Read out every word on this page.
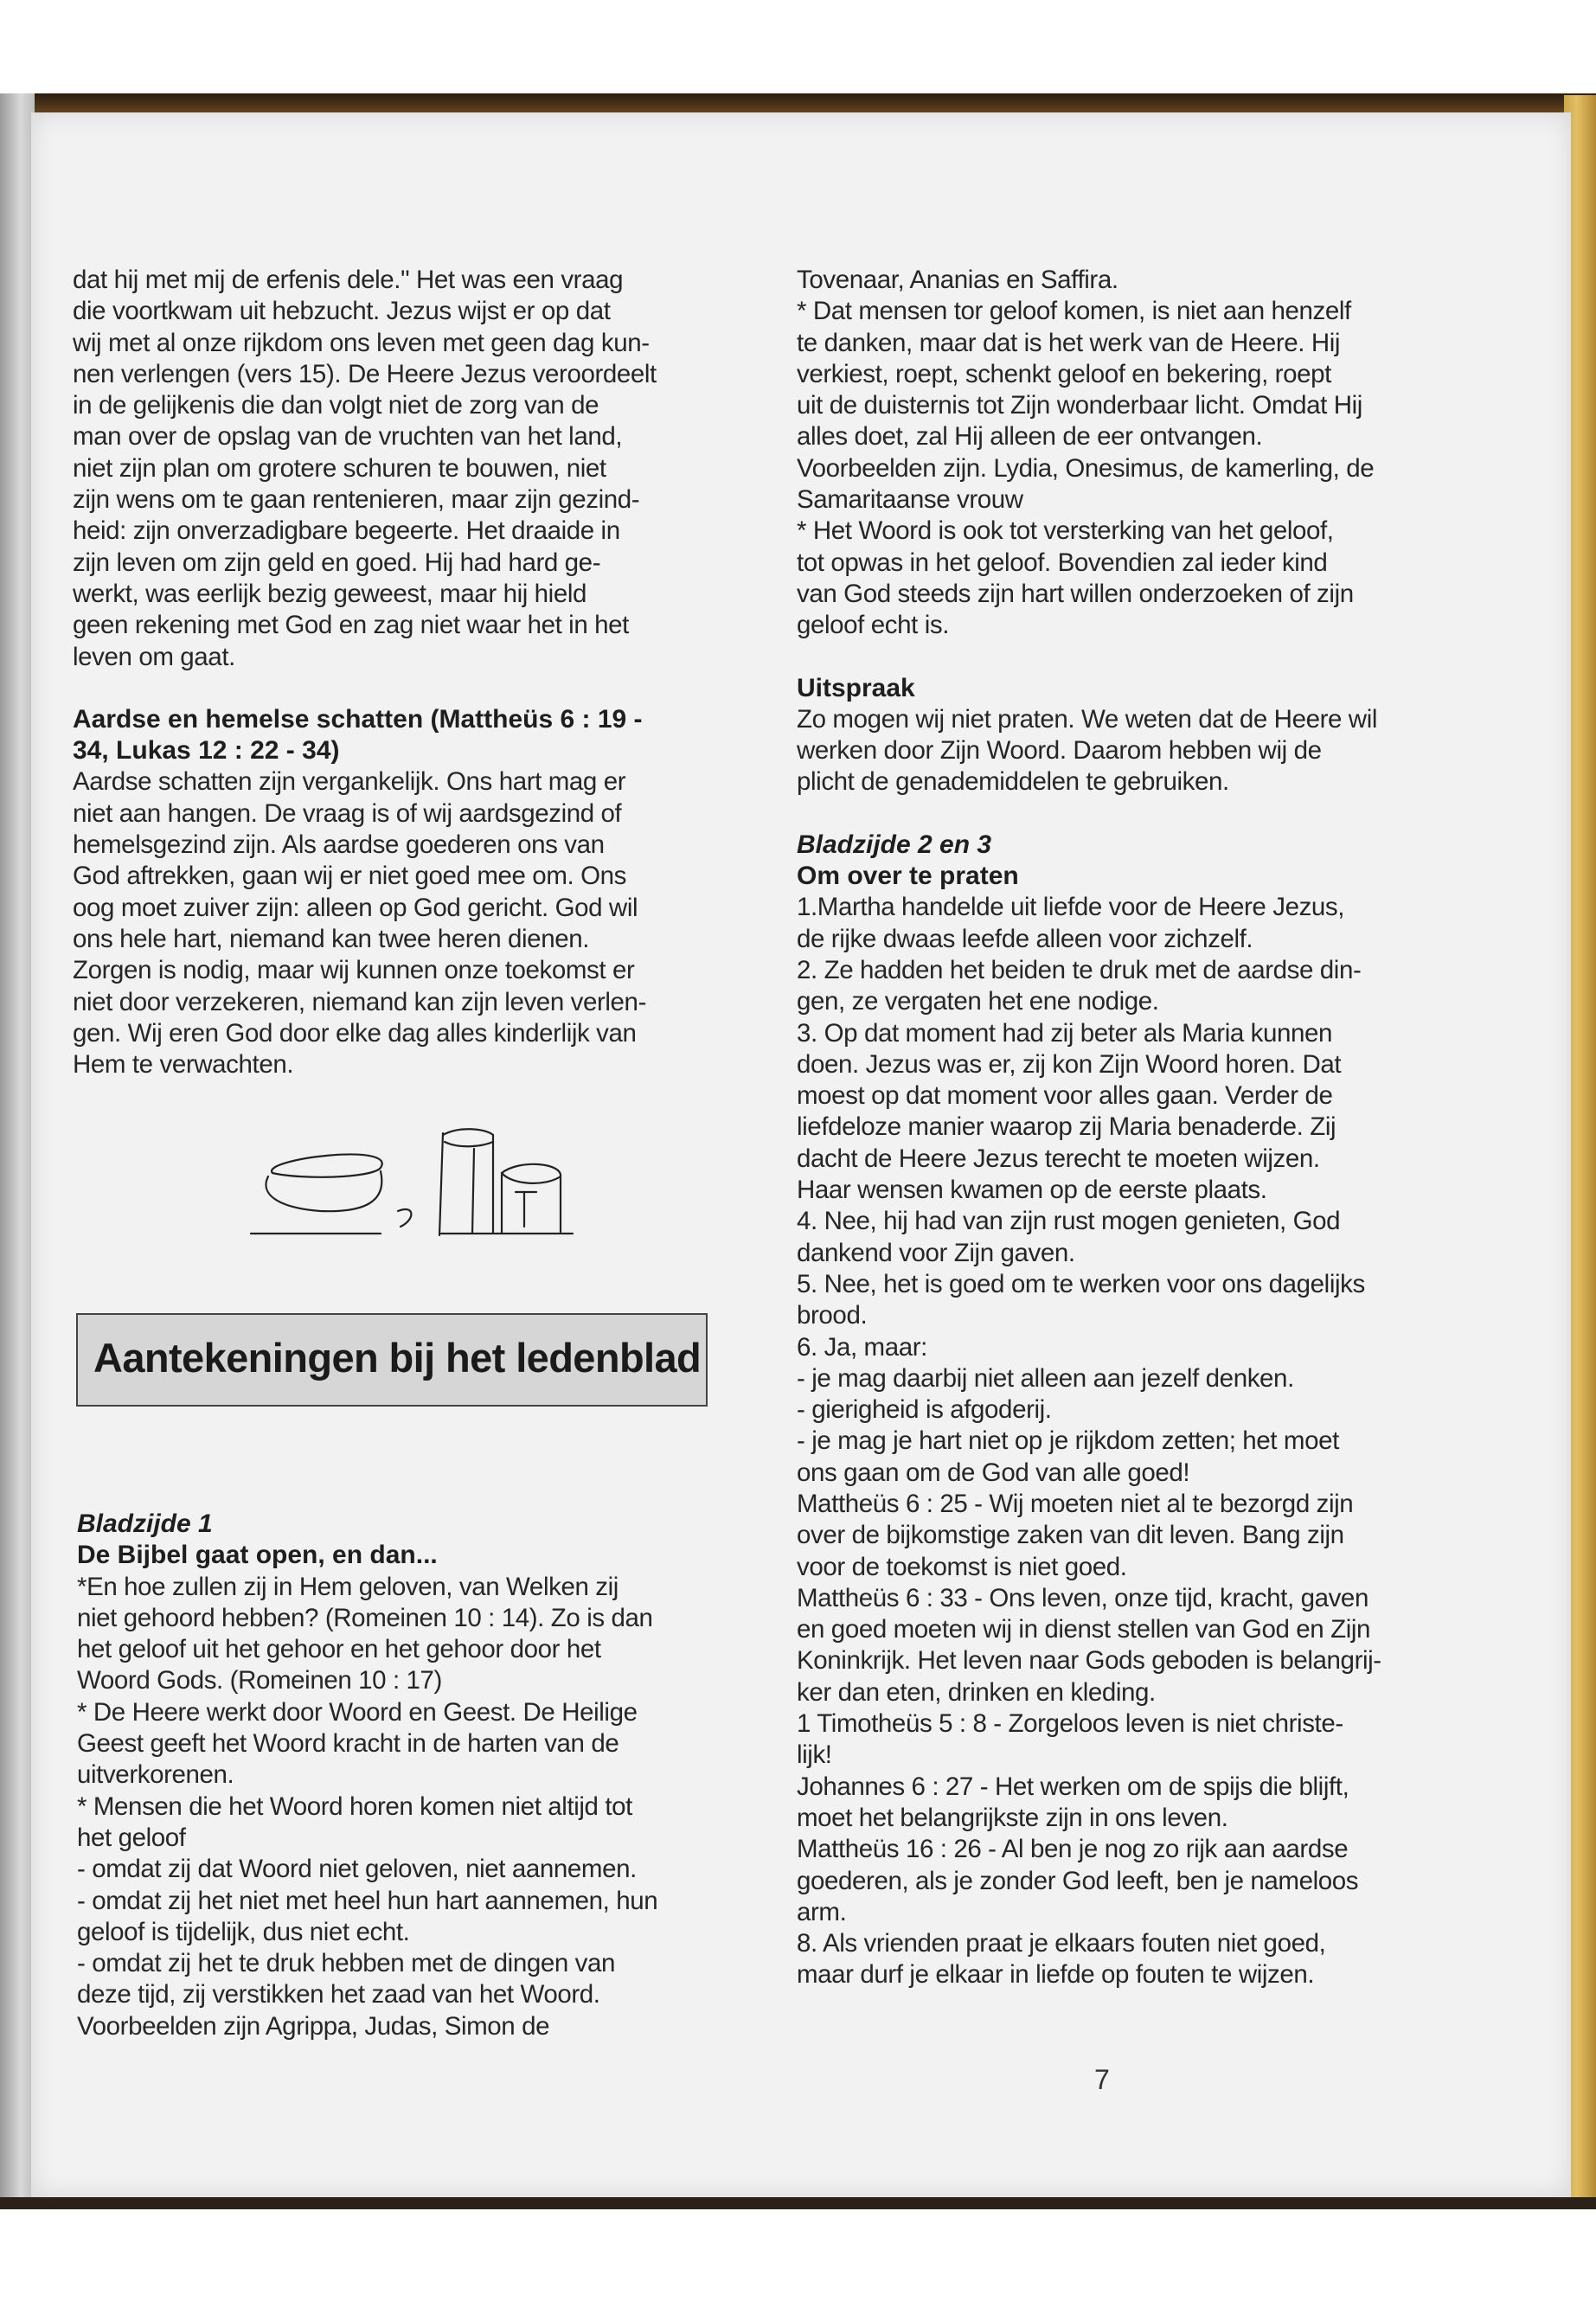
dat hij met mij de erfenis dele." Het was een vraag
die voortkwam uit hebzucht. Jezus wijst er op dat
wij met al onze rijkdom ons leven met geen dag kun-
nen verlengen (vers 15). De Heere Jezus veroordeelt
in de gelijkenis die dan volgt niet de zorg van de
man over de opslag van de vruchten van het land,
niet zijn plan om grotere schuren te bouwen, niet
zijn wens om te gaan rentenieren, maar zijn gezind-
heid: zijn onverzadigbare begeerte. Het draaide in
zijn leven om zijn geld en goed. Hij had hard ge-
werkt, was eerlijk bezig geweest, maar hij hield
geen rekening met God en zag niet waar het in het
leven om gaat.

Aardse en hemelse schatten (Mattheüs 6 : 19 -
34, Lukas 12 : 22 - 34)

Aardse schatten zijn vergankelijk. Ons hart mag er
niet aan hangen. De vraag is of wij aardsgezind of
hemelsgezind zijn. Als aardse goederen ons van
God aftrekken, gaan wij er niet goed mee om. Ons
oog moet zuiver zijn: alleen op God gericht. God wil
ons hele hart, niemand kan twee heren dienen.
Zorgen is nodig, maar wij kunnen onze toekomst er
niet door verzekeren, niemand kan zijn leven verlen-
gen. Wij eren God door elke dag alles kinderlijk van
Hem te verwachten.

Aantekeningen bij het ledenblad

Bladzijde 1

De Bijbel gaat open, en dan...

*En hoe zullen zij in Hem geloven, van Welken zij
niet gehoord hebben? (Romeinen 10 : 14). Zo is dan
het geloof uit het gehoor en het gehoor door het
Woord Gods. (Romeinen 10 : 17)
* De Heere werkt door Woord en Geest. De Heilige
Geest geeft het Woord kracht in de harten van de
uitverkorenen.
* Mensen die het Woord horen komen niet altijd tot
het geloof
- omdat zij dat Woord niet geloven, niet aannemen.
- omdat zij het niet met heel hun hart aannemen, hun
geloof is tijdelijk, dus niet echt.
- omdat zij het te druk hebben met de dingen van
deze tijd, zij verstikken het zaad van het Woord.
Voorbeelden zijn Agrippa, Judas, Simon de

Tovenaar, Ananias en Saffira.
* Dat mensen tor geloof komen, is niet aan henzelf
te danken, maar dat is het werk van de Heere. Hij
verkiest, roept, schenkt geloof en bekering, roept
uit de duisternis tot Zijn wonderbaar licht. Omdat Hij
alles doet, zal Hij alleen de eer ontvangen.
Voorbeelden zijn. Lydia, Onesimus, de kamerling, de
Samaritaanse vrouw
* Het Woord is ook tot versterking van het geloof,
tot opwas in het geloof. Bovendien zal ieder kind
van God steeds zijn hart willen onderzoeken of zijn
geloof echt is.

Uitspraak

Zo mogen wij niet praten. We weten dat de Heere wil
werken door Zijn Woord. Daarom hebben wij de
plicht de genademiddelen te gebruiken.

Bladzijde 2 en 3

Om over te praten

1.Martha handelde uit liefde voor de Heere Jezus,
de rijke dwaas leefde alleen voor zichzelf.
2. Ze hadden het beiden te druk met de aardse din-
gen, ze vergaten het ene nodige.
3. Op dat moment had zij beter als Maria kunnen
doen. Jezus was er, zij kon Zijn Woord horen. Dat
moest op dat moment voor alles gaan. Verder de
liefdeloze manier waarop zij Maria benaderde. Zij
dacht de Heere Jezus terecht te moeten wijzen.
Haar wensen kwamen op de eerste plaats.
4. Nee, hij had van zijn rust mogen genieten, God
dankend voor Zijn gaven.
5. Nee, het is goed om te werken voor ons dagelijks
brood.
6. Ja, maar:
- je mag daarbij niet alleen aan jezelf denken.
- gierigheid is afgoderij.
- je mag je hart niet op je rijkdom zetten; het moet
ons gaan om de God van alle goed!
Mattheüs 6 : 25 - Wij moeten niet al te bezorgd zijn
over de bijkomstige zaken van dit leven. Bang zijn
voor de toekomst is niet goed.
Mattheüs 6 : 33 - Ons leven, onze tijd, kracht, gaven
en goed moeten wij in dienst stellen van God en Zijn
Koninkrijk. Het leven naar Gods geboden is belangrij-
ker dan eten, drinken en kleding.
1 Timotheüs 5 : 8 - Zorgeloos leven is niet christe-
lijk!
Johannes 6 : 27 - Het werken om de spijs die blijft,
moet het belangrijkste zijn in ons leven.
Mattheüs 16 : 26 - Al ben je nog zo rijk aan aardse
goederen, als je zonder God leeft, ben je nameloos
arm.
8. Als vrienden praat je elkaars fouten niet goed,
maar durf je elkaar in liefde op fouten te wijzen.

7
